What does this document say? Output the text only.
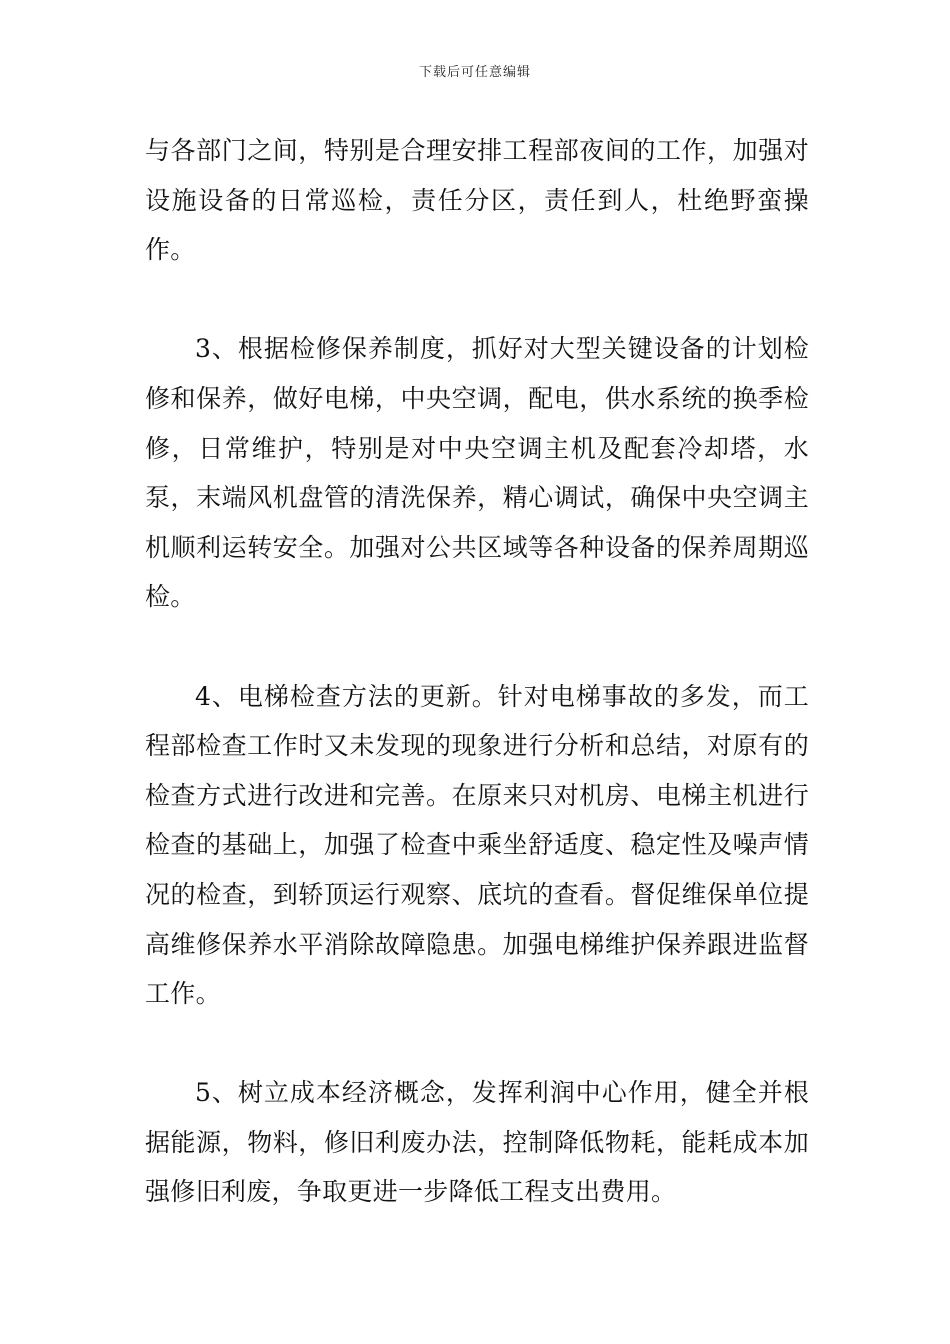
下载后可任意编辑

与各部门之间，特别是合理安排工程部夜间的工作，加强对设施设备的日常巡检，责任分区，责任到人，杜绝野蛮操作。

3、根据检修保养制度，抓好对大型关键设备的计划检修和保养，做好电梯，中央空调，配电，供水系统的换季检修，日常维护，特别是对中央空调主机及配套冷却塔，水泵，末端风机盘管的清洗保养，精心调试，确保中央空调主机顺利运转安全。加强对公共区域等各种设备的保养周期巡检。

4、电梯检查方法的更新。针对电梯事故的多发，而工程部检查工作时又未发现的现象进行分析和总结，对原有的检查方式进行改进和完善。在原来只对机房、电梯主机进行检查的基础上，加强了检查中乘坐舒适度、稳定性及噪声情况的检查，到轿顶运行观察、底坑的查看。督促维保单位提高维修保养水平消除故障隐患。加强电梯维护保养跟进监督工作。

5、树立成本经济概念，发挥利润中心作用，健全并根据能源，物料，修旧利废办法，控制降低物耗，能耗成本加强修旧利废，争取更进一步降低工程支出费用。
